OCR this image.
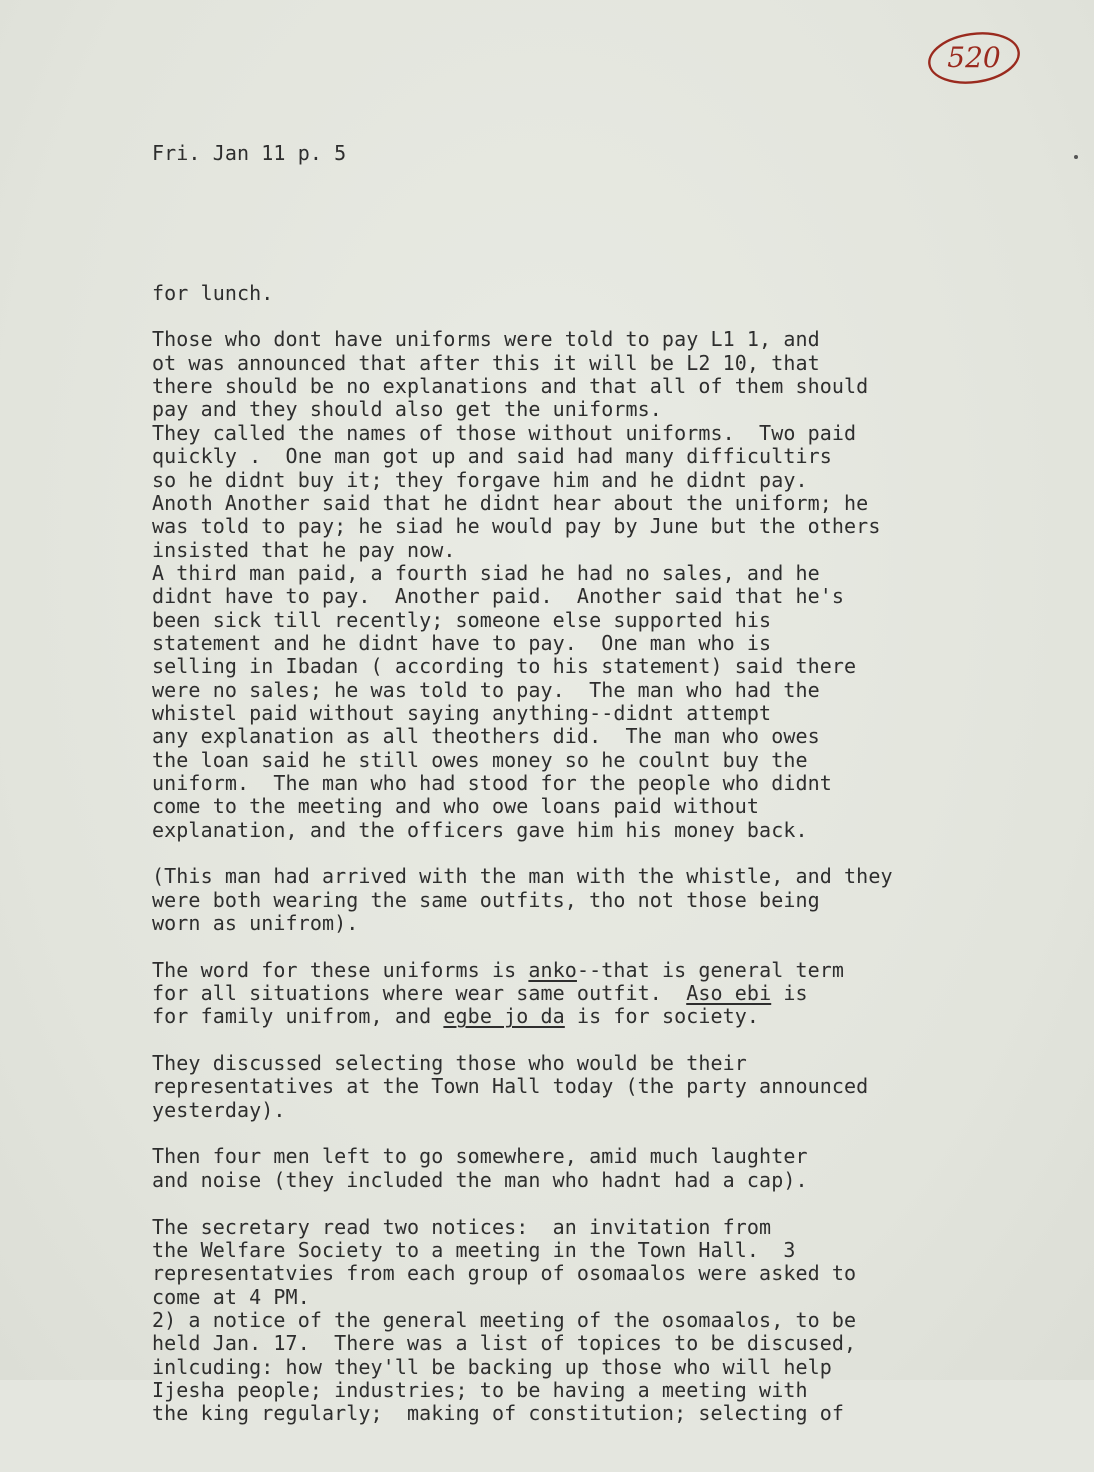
520

Fri. Jan 11 p. 5

for lunch.
Those who dont have uniforms were told to pay L1 1, and
ot was announced that after this it will be L2 10, that
there should be no explanations and that all of them should
pay and they should also get the uniforms.
They called the names of those without uniforms.  Two paid
quickly .  One man got up and said had many difficultirs
so he didnt buy it; they forgave him and he didnt pay.
Anoth Another said that he didnt hear about the uniform; he
was told to pay; he siad he would pay by June but the others
insisted that he pay now.
A third man paid, a fourth siad he had no sales, and he
didnt have to pay.  Another paid.  Another said that he's
been sick till recently; someone else supported his
statement and he didnt have to pay.  One man who is
selling in Ibadan ( according to his statement) said there
were no sales; he was told to pay.  The man who had the
whistel paid without saying anything--didnt attempt
any explanation as all theothers did.  The man who owes
the loan said he still owes money so he coulnt buy the
uniform.  The man who had stood for the people who didnt
come to the meeting and who owe loans paid without
explanation, and the officers gave him his money back.
(This man had arrived with the man with the whistle, and they
were both wearing the same outfits, tho not those being
worn as unifrom).
The word for these uniforms is anko--that is general term
for all situations where wear same outfit.  Aso ebi is
for family unifrom, and egbe jo da is for society.
They discussed selecting those who would be their
representatives at the Town Hall today (the party announced
yesterday).
Then four men left to go somewhere, amid much laughter
and noise (they included the man who hadnt had a cap).
The secretary read two notices:  an invitation from
the Welfare Society to a meeting in the Town Hall.  3
representatvies from each group of osomaalos were asked to
come at 4 PM.
2) a notice of the general meeting of the osomaalos, to be
held Jan. 17.  There was a list of topices to be discused,
inlcuding: how they'll be backing up those who will help
Ijesha people; industries; to be having a meeting with
the king regularly;  making of constitution; selecting of
